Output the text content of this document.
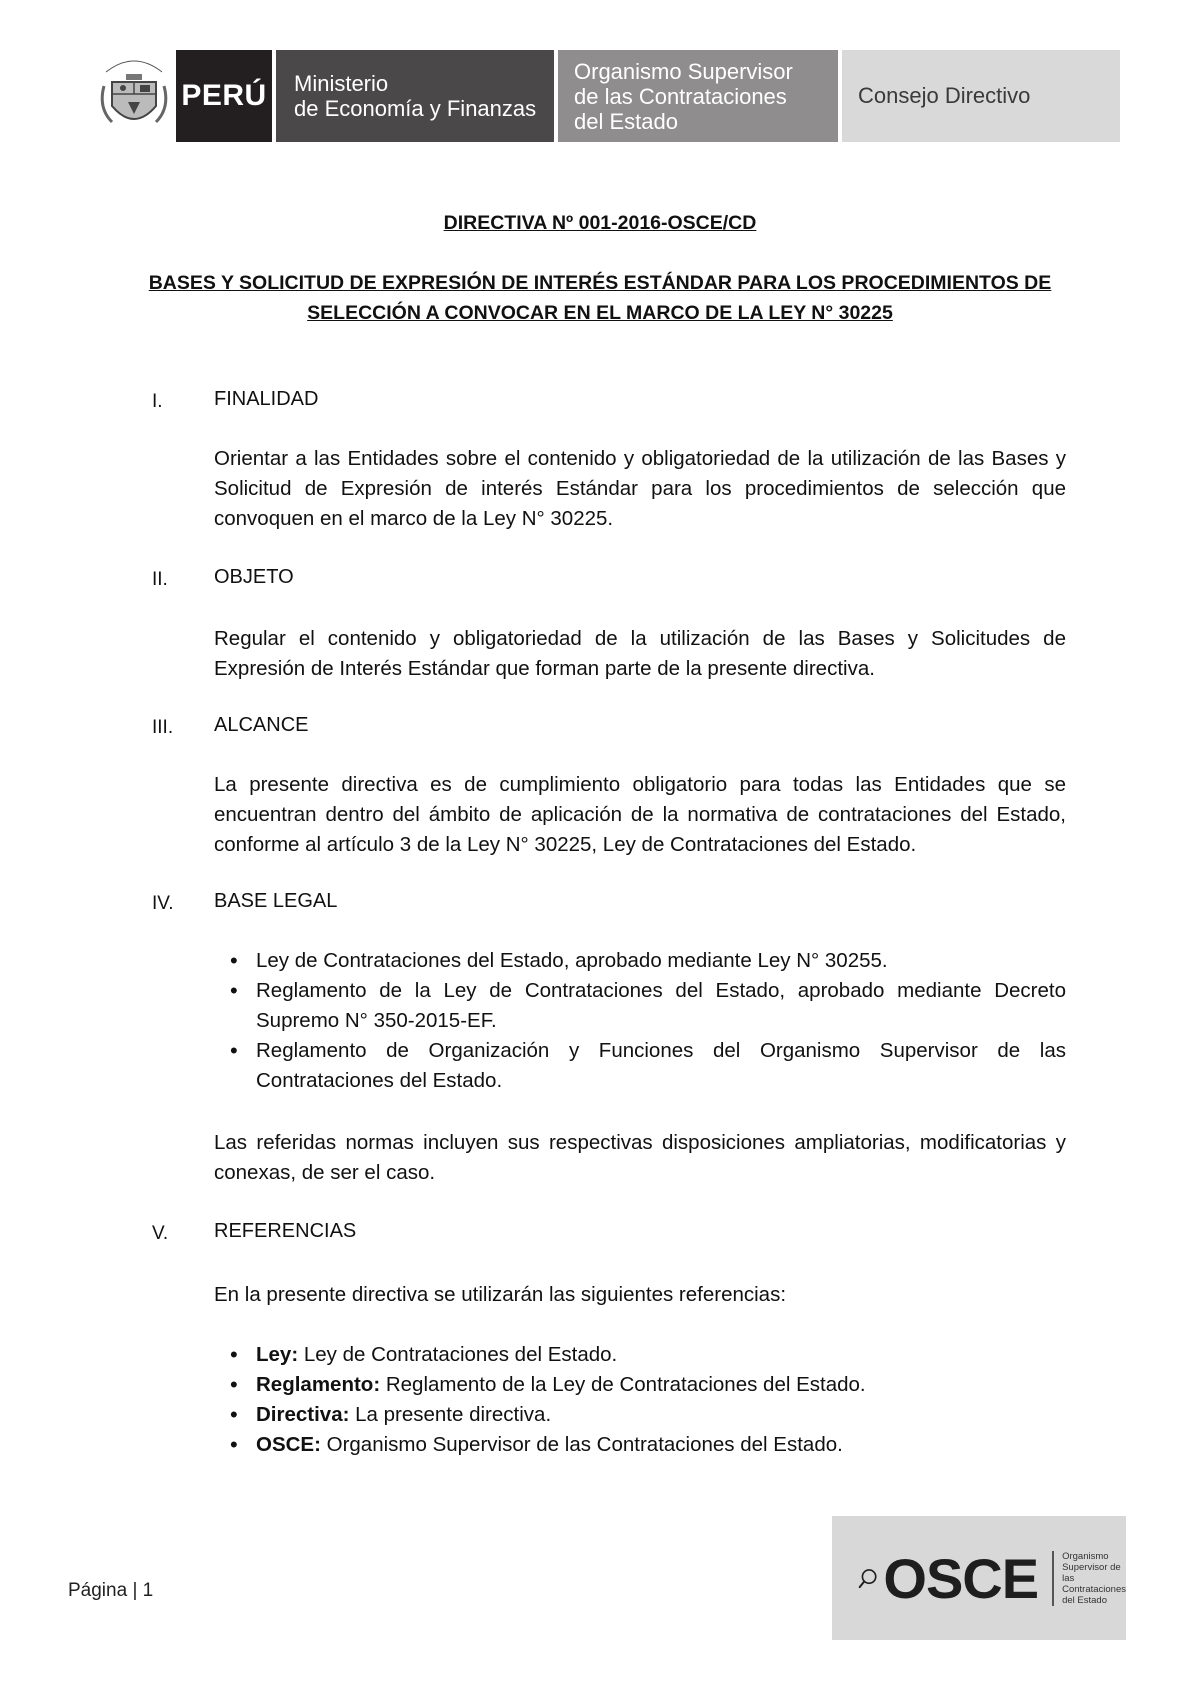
PERÚ Ministerio
de Economía y Finanzas
Organismo Supervisor
de las Contrataciones
del Estado
Consejo Directivo
DIRECTIVA Nº 001-2016-OSCE/CD
BASES Y SOLICITUD DE EXPRESIÓN DE INTERÉS ESTÁNDAR PARA LOS PROCEDIMIENTOS DE
SELECCIÓN A CONVOCAR EN EL MARCO DE LA LEY N° 30225
I.	FINALIDAD
Orientar a las Entidades sobre el contenido y obligatoriedad de la utilización de las Bases y Solicitud de Expresión de interés Estándar para los procedimientos de selección que convoquen en el marco de la Ley N° 30225.
II. OBJETO
Regular el contenido y obligatoriedad de la utilización de las Bases y Solicitudes de Expresión de Interés Estándar que forman parte de la presente directiva.
III. ALCANCE
La presente directiva es de cumplimiento obligatorio para todas las Entidades que se encuentran dentro del ámbito de aplicación de la normativa de contrataciones del Estado, conforme al artículo 3 de la Ley N° 30225, Ley de Contrataciones del Estado.
IV. BASE LEGAL
• Ley de Contrataciones del Estado, aprobado mediante Ley N° 30255.
• Reglamento de la Ley de Contrataciones del Estado, aprobado mediante Decreto Supremo N° 350-2015-EF.
• Reglamento de Organización y Funciones del Organismo Supervisor de las Contrataciones del Estado.
Las referidas normas incluyen sus respectivas disposiciones ampliatorias, modificatorias y conexas, de ser el caso.
V. REFERENCIAS
En la presente directiva se utilizarán las siguientes referencias:
• Ley: Ley de Contrataciones del Estado.
• Reglamento: Reglamento de la Ley de Contrataciones del Estado.
• Directiva: La presente directiva.
• OSCE: Organismo Supervisor de las Contrataciones del Estado.
Página | 1	OSCE	Organismo
Supervisor de las
Contrataciones
del Estado
